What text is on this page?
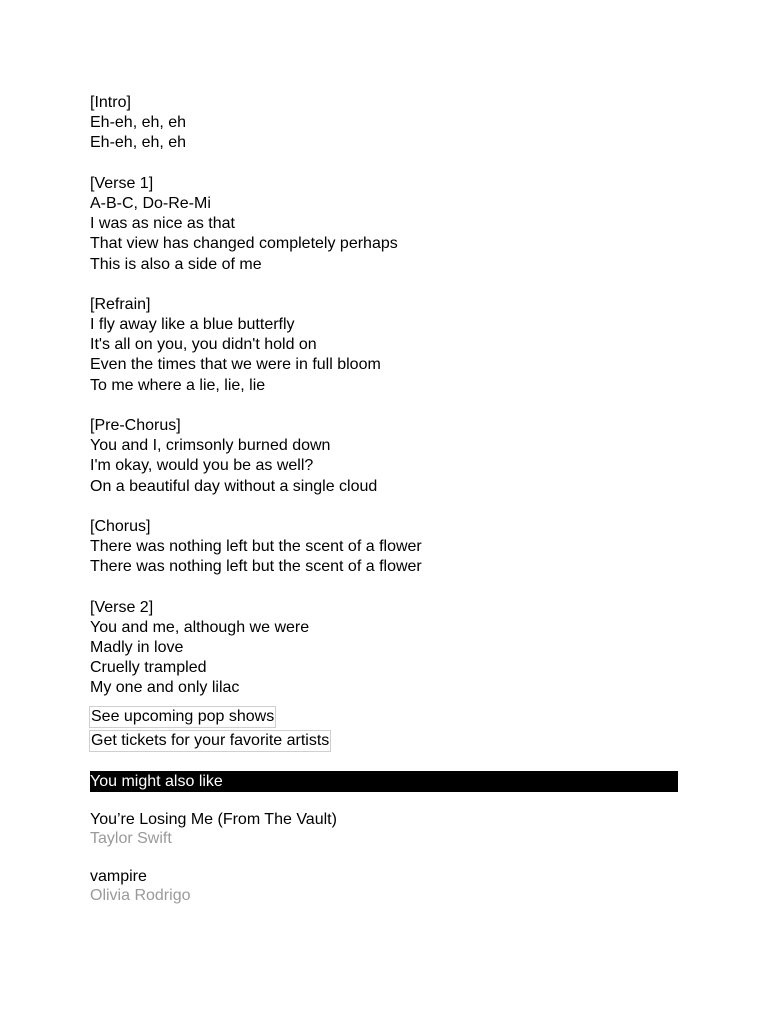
[Intro]
Eh-eh, eh, eh
Eh-eh, eh, eh
[Verse 1]
A-B-C, Do-Re-Mi
I was as nice as that
That view has changed completely perhaps
This is also a side of me
[Refrain]
I fly away like a blue butterfly
It's all on you, you didn't hold on
Even the times that we were in full bloom
To me where a lie, lie, lie
[Pre-Chorus]
You and I, crimsonly burned down
I'm okay, would you be as well?
On a beautiful day without a single cloud
[Chorus]
There was nothing left but the scent of a flower
There was nothing left but the scent of a flower
[Verse 2]
You and me, although we were
Madly in love
Cruelly trampled
My one and only lilac
See upcoming pop shows
Get tickets for your favorite artists
You might also like
You’re Losing Me (From The Vault)
Taylor Swift
vampire
Olivia Rodrigo
